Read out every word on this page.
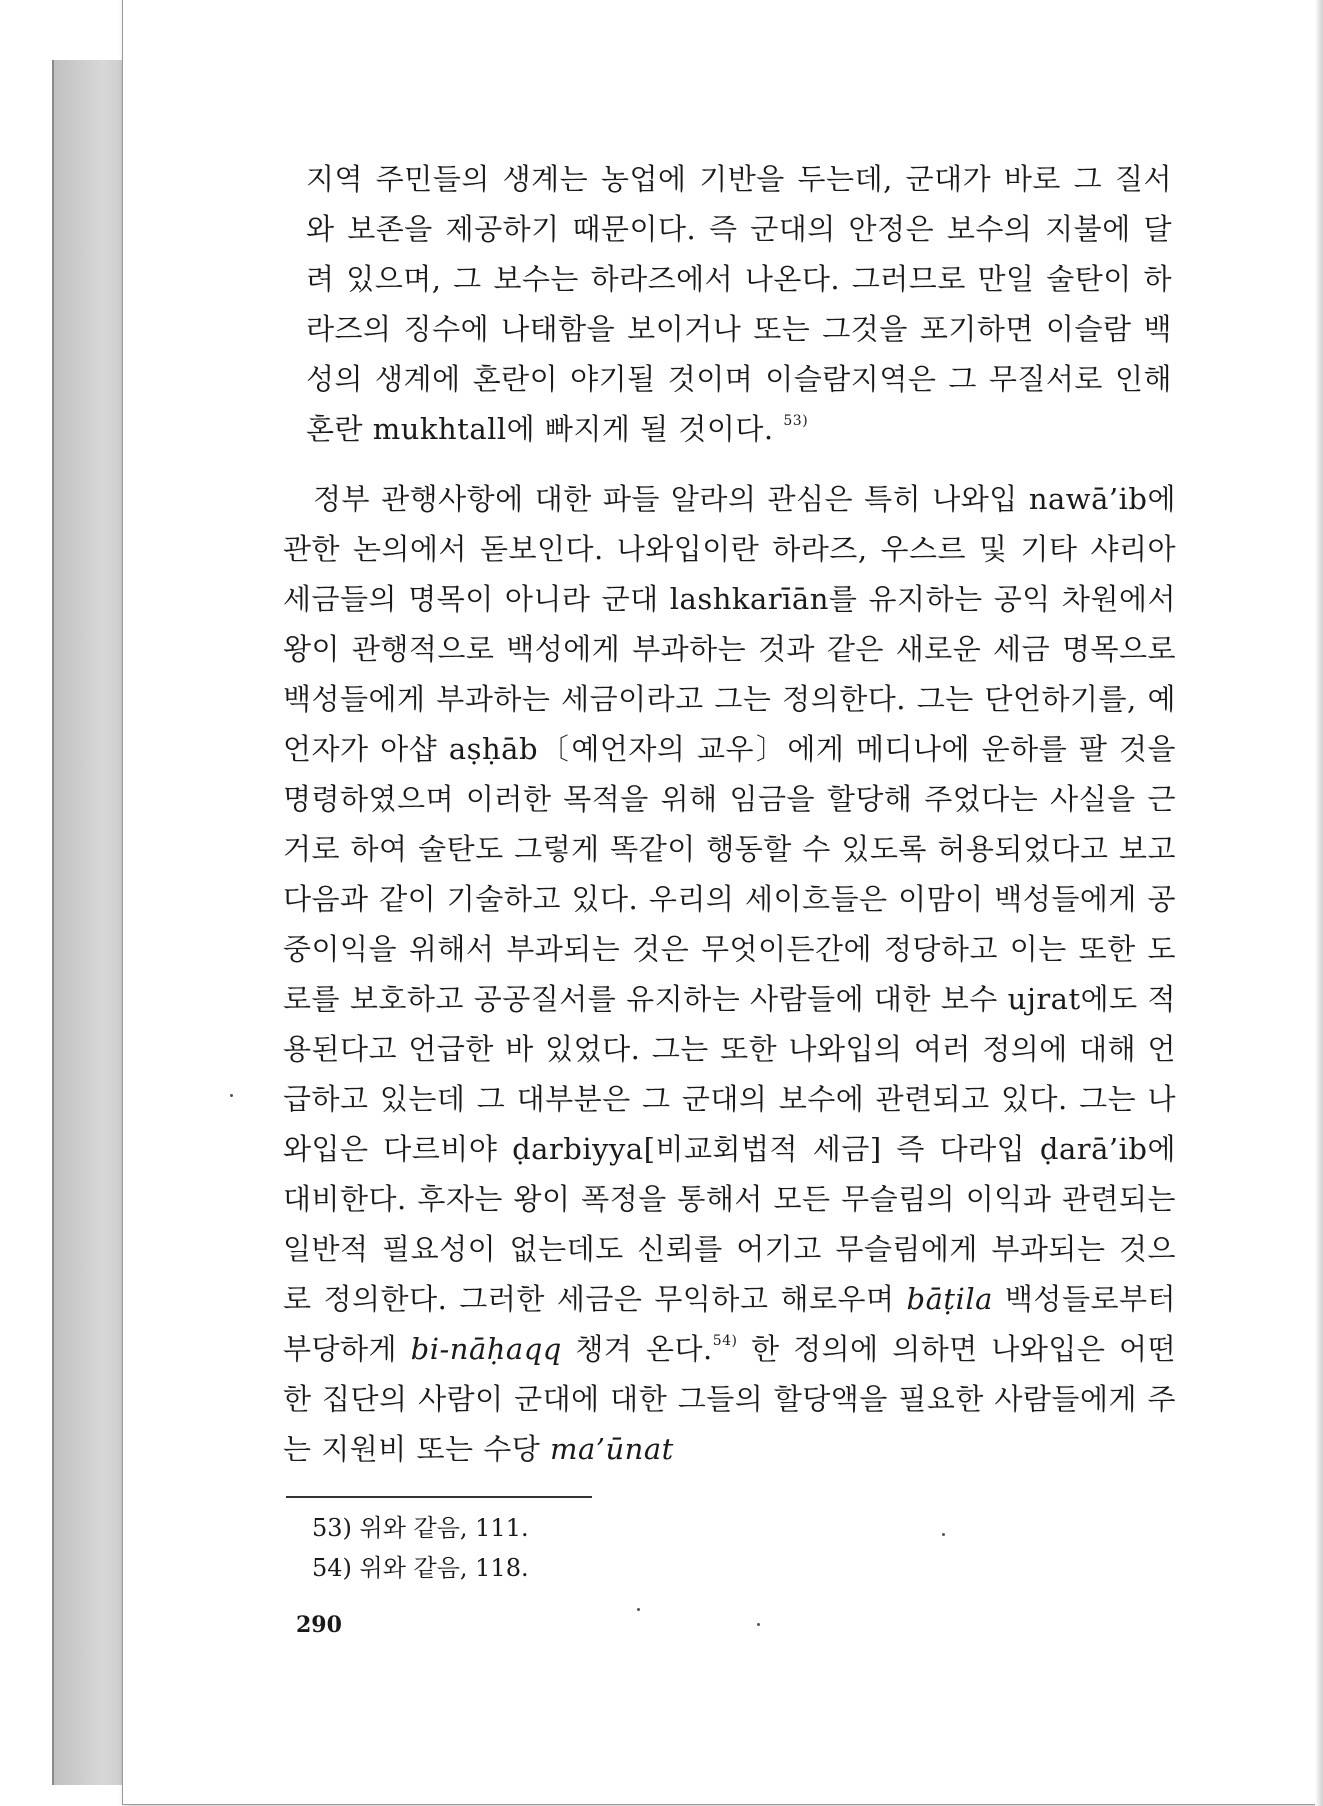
지역 주민들의 생계는 농업에 기반을 두는데, 군대가 바로 그 질서와 보존을 제공하기 때문이다. 즉 군대의 안정은 보수의 지불에 달려 있으며, 그 보수는 하라즈에서 나온다. 그러므로 만일 술탄이 하라즈의 징수에 나태함을 보이거나 또는 그것을 포기하면 이슬람 백성의 생계에 혼란이 야기될 것이며 이슬람지역은 그 무질서로 인해 혼란 mukhtall에 빠지게 될 것이다. $^{53)}$
정부 관행사항에 대한 파들 알라의 관심은 특히 나와입 nawā’ib에 관한 논의에서 돋보인다. 나와입이란 하라즈, 우스르 및 기타 샤리아 세금들의 명목이 아니라 군대 lashkarīān를 유지하는 공익 차원에서 왕이 관행적으로 백성에게 부과하는 것과 같은 새로운 세금 명목으로 백성들에게 부과하는 세금이라고 그는 정의한다. 그는 단언하기를, 예언자가 아샵 aṣḥāb〔예언자의 교우〕에게 메디나에 운하를 팔 것을 명령하였으며 이러한 목적을 위해 임금을 할당해 주었다는 사실을 근거로 하여 술탄도 그렇게 똑같이 행동할 수 있도록 허용되었다고 보고 다음과 같이 기술하고 있다. 우리의 세이흐들은 이맘이 백성들에게 공중이익을 위해서 부과되는 것은 무엇이든간에 정당하고 이는 또한 도로를 보호하고 공공질서를 유지하는 사람들에 대한 보수 ujrat에도 적용된다고 언급한 바 있었다. 그는 또한 나와입의 여러 정의에 대해 언급하고 있는데 그 대부분은 그 군대의 보수에 관련되고 있다. 그는 나와입은 다르비야 ḍarbiyya[비교회법적 세금] 즉 다라입 ḍarā’ib에 대비한다. 후자는 왕이 폭정을 통해서 모든 무슬림의 이익과 관련되는 일반적 필요성이 없는데도 신뢰를 어기고 무슬림에게 부과되는 것으로 정의한다. 그러한 세금은 무익하고 해로우며 bāṭila 백성들로부터 부당하게 bi-nāḥaqq 챙겨 온다.$^{54)}$ 한 정의에 의하면 나와입은 어떤 한 집단의 사람이 군대에 대한 그들의 할당액을 필요한 사람들에게 주는 지원비 또는 수당 ma’ūnat
53) 위와 같음, 111.
54) 위와 같음, 118.
290
